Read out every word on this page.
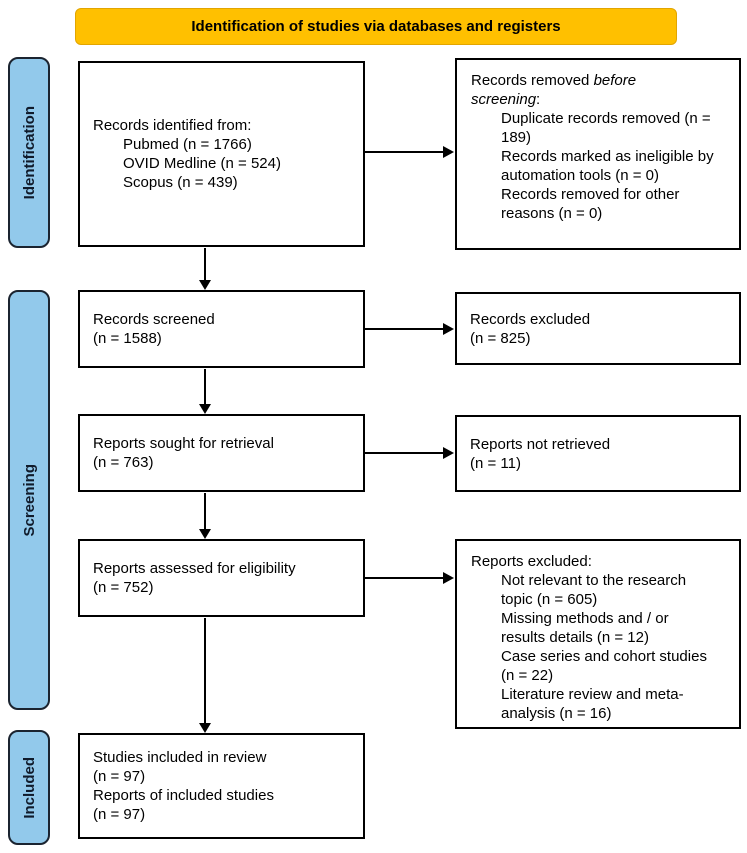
Identification of studies via databases and registers
Identification
Screening
Included
Records identified from:
Pubmed (n = 1766)
OVID Medline (n = 524)
Scopus (n = 439)
Records screened
(n = 1588)
Reports sought for retrieval
(n = 763)
Reports assessed for eligibility
(n = 752)
Studies included in review
(n = 97)
Reports of included studies
(n = 97)
Records removed before
screening:
Duplicate records removed (n = 189)
Records marked as ineligible by automation tools (n = 0)
Records removed for other reasons (n = 0)
Records excluded
(n = 825)
Reports not retrieved
(n = 11)
Reports excluded:
Not relevant to the research topic (n = 605)
Missing methods and / or results details (n = 12)
Case series and cohort studies (n = 22)
Literature review and meta-analysis (n = 16)
